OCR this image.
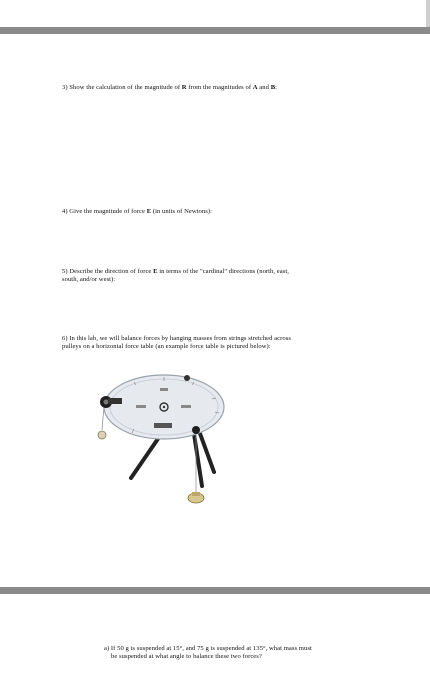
3) Show the calculation of the magnitude of R from the magnitudes of A and B:
4) Give the magnitude of force E (in units of Newtons):
5) Describe the direction of force E in terms of the "cardinal" directions (north, east,
south, and/or west):
6) In this lab, we will balance forces by hanging masses from strings stretched across
pulleys on a horizontal force table (an example force table is pictured below):
a) If 50 g is suspended at 15°, and 75 g is suspended at 135°, what mass must
be suspended at what angle to balance these two forces?
